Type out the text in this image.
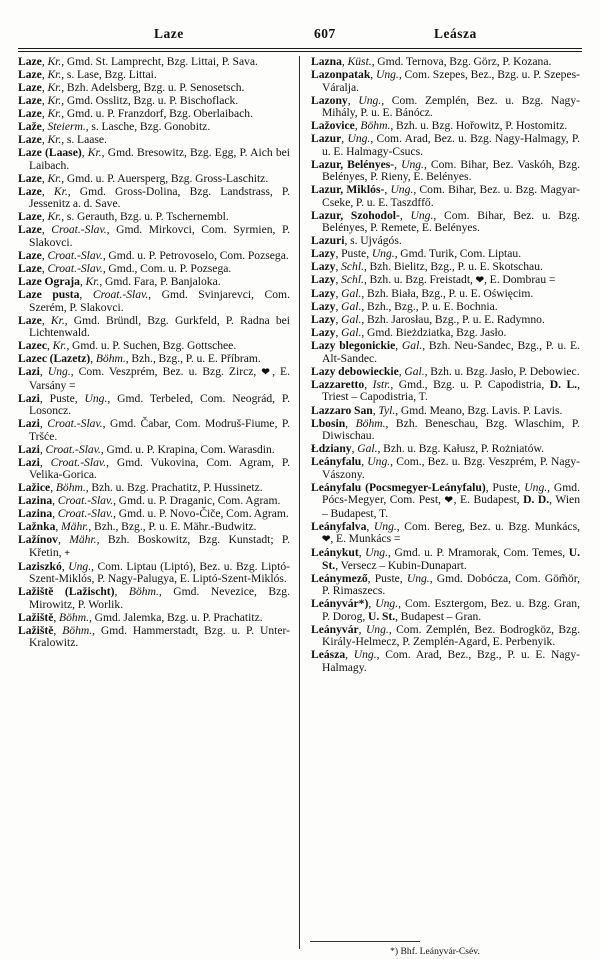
Laze	607	Leásza
Laze, Kr., Gmd. St. Lamprecht, Bzg. Littai, P. Sava.
Laze, Kr., s. Lase, Bzg. Littai.
Laze, Kr., Bzh. Adelsberg, Bzg. u. P. Senosetsch.
Laze, Kr., Gmd. Osslitz, Bzg. u. P. Bischoflack.
Laze, Kr., Gmd. u. P. Franzdorf, Bzg. Oberlaibach.
Laže, Steierm., s. Lasche, Bzg. Gonobitz.
Laze, Kr., s. Laase.
Laze (Laase), Kr., Gmd. Bresowitz, Bzg. Egg, P. Aich bei Laibach.
Laze, Kr., Gmd. u. P. Auersperg, Bzg. Gross-Laschitz.
Laze, Kr., Gmd. Gross-Dolina, Bzg. Landstrass, P. Jessenitz a. d. Save.
Laze, Kr., s. Gerauth, Bzg. u. P. Tschernembl.
Laze, Croat.-Slav., Gmd. Mirkovci, Com. Syrmien, P. Slakovci.
Laze, Croat.-Slav., Gmd. u. P. Petrovoselo, Com. Pozsega.
Laze, Croat.-Slav., Gmd., Com. u. P. Pozsega.
Laze Ograja, Kr., Gmd. Fara, P. Banjaloka.
Laze pusta, Croat.-Slav., Gmd. Svinjarevci, Com. Szerém, P. Slakovci.
Laze, Kr., Gmd. Bründl, Bzg. Gurkfeld, P. Radna bei Lichtenwald.
Lazec, Kr., Gmd. u. P. Suchen, Bzg. Gottschee.
Lazec (Lazetz), Böhm., Bzh., Bzg., P. u. E. Příbram.
Lazi, Ung., Com. Veszprém, Bez. u. Bzg. Zircz, ❤, E. Varsány =
Lazi, Puste, Ung., Gmd. Terbeled, Com. Neográd, P. Losoncz.
Lazi, Croat.-Slav., Gmd. Čabar, Com. Modruš-Fiume, P. Tršće.
Lazi, Croat.-Slav., Gmd. u. P. Krapina, Com. Warasdin.
Lazi, Croat.-Slav., Gmd. Vukovina, Com. Agram, P. Velika-Gorica.
Lažice, Böhm., Bzh. u. Bzg. Prachatitz, P. Hussinetz.
Lazina, Croat.-Slav., Gmd. u. P. Draganic, Com. Agram.
Lazina, Croat.-Slav., Gmd. u. P. Novo-Čiče, Com. Agram.
Lažnka, Mähr., Bzh., Bzg., P. u. E. Mähr.-Budwitz.
Lažínov, Mähr., Bzh. Boskowitz, Bzg. Kunstadt; P. Křetin, +
Laziszkó, Ung., Com. Liptau (Liptó), Bez. u. Bzg. Liptó-Szent-Miklós, P. Nagy-Palugya, E. Liptó-Szent-Miklós.
Lažiště (Lažischt), Böhm., Gmd. Nevezice, Bzg. Mirowitz, P. Worlik.
Lažiště, Böhm., Gmd. Jalemka, Bzg. u. P. Prachatitz.
Lažiště, Böhm., Gmd. Hammerstadt, Bzg. u. P. Unter-Kralowitz.
Lazna, Küst., Gmd. Ternova, Bzg. Görz, P. Kozana.
Lazonpatak, Ung., Com. Szepes, Bez., Bzg. u. P. Szepes-Váralja.
Lazony, Ung., Com. Zemplén, Bez. u. Bzg. Nagy-Mihály, P. u. E. Bánócz.
Lažovice, Böhm., Bzh. u. Bzg. Hořowitz, P. Hostomitz.
Lazur, Ung., Com. Arad, Bez. u. Bzg. Nagy-Halmagy, P. u. E. Halmagy-Csucs.
Lazur, Belényes-, Ung., Com. Bihar, Bez. Vaskóh, Bzg. Belényes, P. Rieny, E. Belényes.
Lazur, Miklós-, Ung., Com. Bihar, Bez. u. Bzg. Magyar-Cseke, P. u. E. Taszdffő.
Lazur, Szohodol-, Ung., Com. Bihar, Bez. u. Bzg. Belényes, P. Remete, E. Belényes.
Lazuri, s. Ujvágós.
Lazy, Puste, Ung., Gmd. Turik, Com. Liptau.
Lazy, Schl., Bzh. Bielitz, Bzg., P. u. E. Skotschau.
Lazy, Schl., Bzh. u. Bzg. Freistadt, ❤, E. Dombrau =
Lazy, Gal., Bzh. Biała, Bzg., P. u. E. Oświęcim.
Lazy, Gal., Bzh., Bzg., P. u. E. Bochnia.
Lazy, Gal., Bzh. Jarosłau, Bzg., P. u. E. Radymno.
Lazy, Gal., Gmd. Bieżdziatka, Bzg. Jasło.
Lazy blegonickie, Gal., Bzh. Neu-Sandec, Bzg., P. u. E. Alt-Sandec.
Lazy debowieckie, Gal., Bzh. u. Bzg. Jasło, P. Debowiec.
Lazzaretto, Istr., Gmd., Bzg. u. P. Capodistria, D. L., Triest – Capodistria, T.
Lazzaro San, Tyl., Gmd. Meano, Bzg. Lavis. P. Lavis.
Lbosin, Böhm., Bzh. Beneschau, Bzg. Wlaschim, P. Diwischau.
Łdziany, Gal., Bzh. u. Bzg. Kałusz, P. Rożniatów.
Leányfalu, Ung., Com., Bez. u. Bzg. Veszprém, P. Nagy-Vászony.
Leányfalu (Pocsmegyer-Leányfalu), Puste, Ung., Gmd. Pócs-Megyer, Com. Pest, ❤, E. Budapest, D. D., Wien – Budapest, T.
Leányfalva, Ung., Com. Bereg, Bez. u. Bzg. Munkács, ❤, E. Munkács =
Leánykut, Ung., Gmd. u. P. Mramorak, Com. Temes, U. St., Versecz – Kubin-Dunapart.
Leánymező, Puste, Ung., Gmd. Dobócza, Com. Göm̃ör, P. Rimaszecs.
Leányvár*), Ung., Com. Esztergom, Bez. u. Bzg. Gran, P. Dorog, U. St., Budapest – Gran.
Leányvár, Ung., Com. Zemplén, Bez. Bodrogköz, Bzg. Király-Helmecz, P. Zemplén-Agard, E. Perbenyik.
Leásza, Ung., Com. Arad, Bez., Bzg., P. u. E. Nagy-Halmagy.
*) Bhf. Leányvár-Csév.
